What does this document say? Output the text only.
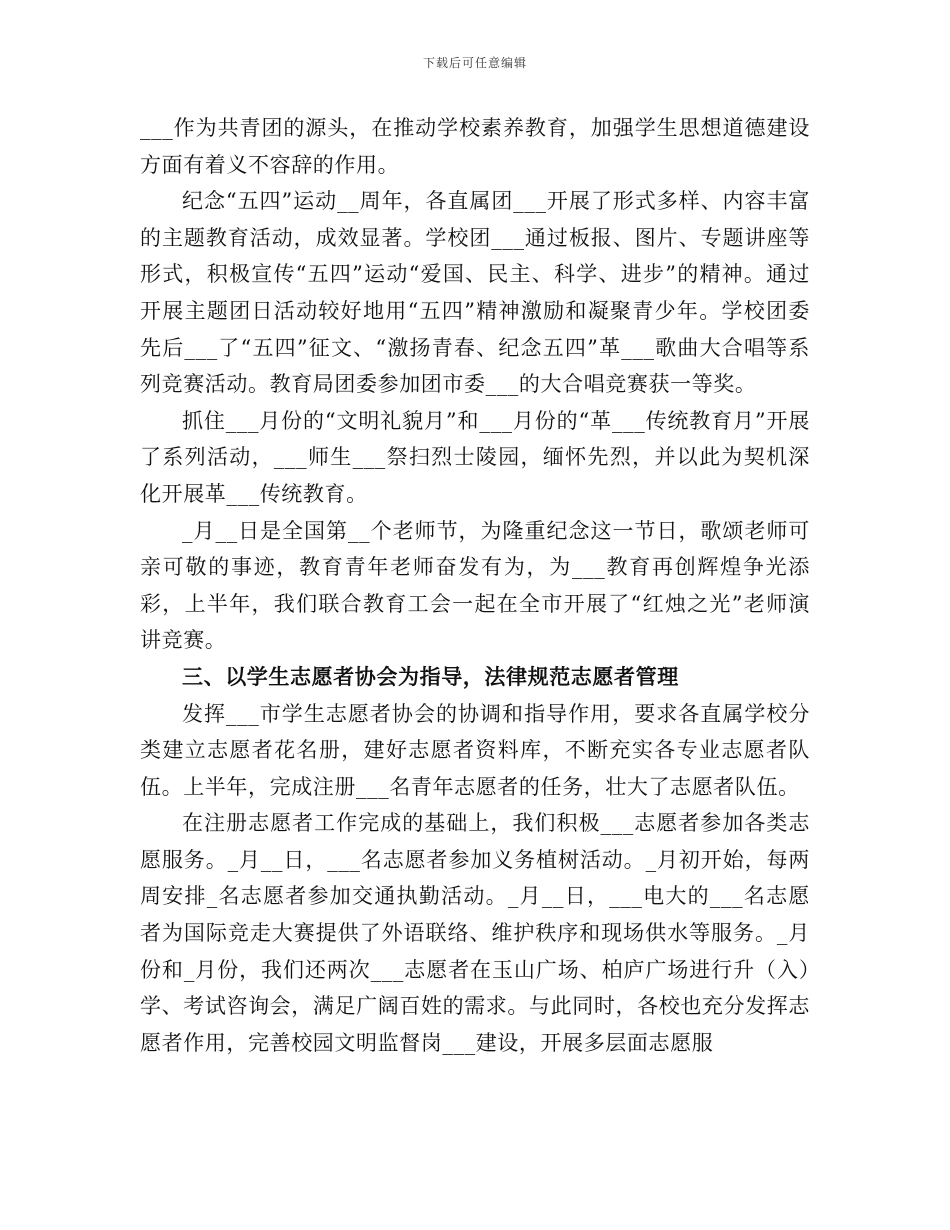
下载后可任意编辑

___作为共青团的源头，在推动学校素养教育，加强学生思想道德建设方面有着义不容辞的作用。

纪念“五四”运动__周年，各直属团___开展了形式多样、内容丰富的主题教育活动，成效显著。学校团___通过板报、图片、专题讲座等形式，积极宣传“五四”运动“爱国、民主、科学、进步”的精神。通过开展主题团日活动较好地用“五四”精神激励和凝聚青少年。学校团委先后___了“五四”征文、“激扬青春、纪念五四”革___歌曲大合唱等系列竞赛活动。教育局团委参加团市委___的大合唱竞赛获一等奖。

抓住___月份的“文明礼貌月”和___月份的“革___传统教育月”开展了系列活动，___师生___祭扫烈士陵园，缅怀先烈，并以此为契机深化开展革___传统教育。

_月__日是全国第__个老师节，为隆重纪念这一节日，歌颂老师可亲可敬的事迹，教育青年老师奋发有为，为___教育再创辉煌争光添彩，上半年，我们联合教育工会一起在全市开展了“红烛之光”老师演讲竞赛。

三、以学生志愿者协会为指导，法律规范志愿者管理

发挥___市学生志愿者协会的协调和指导作用，要求各直属学校分类建立志愿者花名册，建好志愿者资料库，不断充实各专业志愿者队伍。上半年，完成注册___名青年志愿者的任务，壮大了志愿者队伍。

在注册志愿者工作完成的基础上，我们积极___志愿者参加各类志愿服务。_月__日，___名志愿者参加义务植树活动。_月初开始，每两周安排_名志愿者参加交通执勤活动。_月__日，___电大的___名志愿者为国际竞走大赛提供了外语联络、维护秩序和现场供水等服务。_月份和_月份，我们还两次___志愿者在玉山广场、柏庐广场进行升（入）学、考试咨询会，满足广阔百姓的需求。与此同时，各校也充分发挥志愿者作用，完善校园文明监督岗___建设，开展多层面志愿服
